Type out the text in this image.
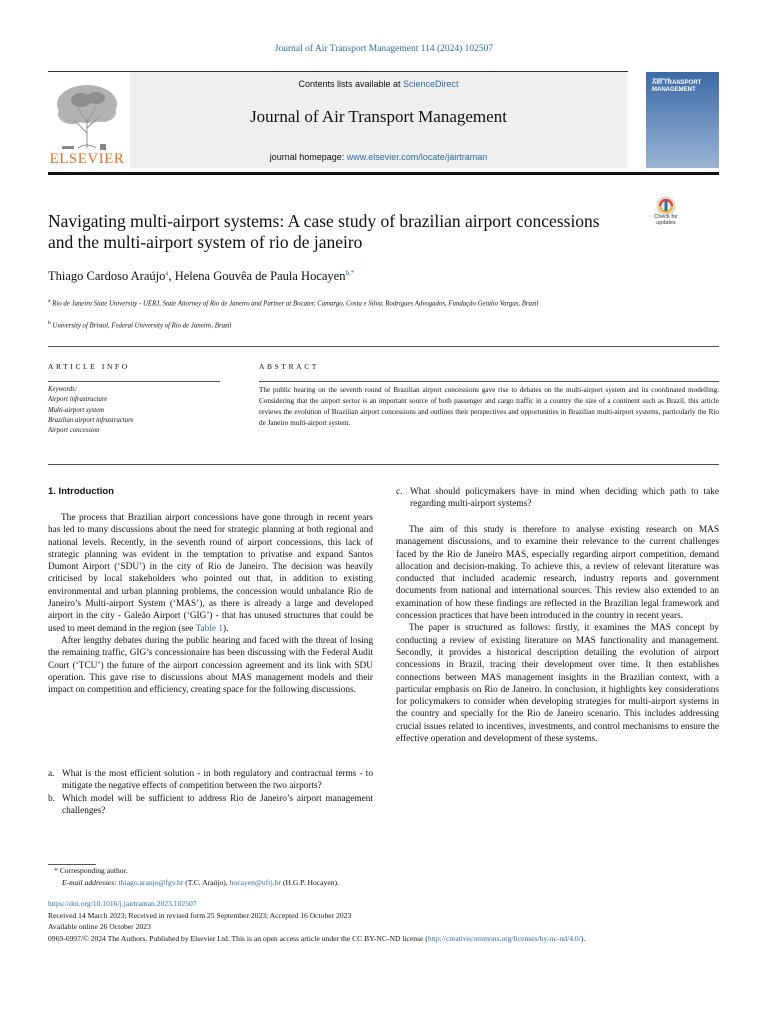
Journal of Air Transport Management 114 (2024) 102507
ELSEVIER
Contents lists available at ScienceDirect
Journal of Air Transport Management
journal homepage: www.elsevier.com/locate/jairtraman
Journal of
AIR TRANSPORT MANAGEMENT
Check for updates
Navigating multi-airport systems: A case study of brazilian airport concessions and the multi-airport system of rio de janeiro
Thiago Cardoso Araújo$^a$, Helena Gouvêa de Paula Hocayen$^{b,*}$
$^a$ Rio de Janeiro State University - UERJ, State Attorney of Rio de Janeiro and Partner at Bocater, Camargo, Costa e Silva, Rodrigues Advogados, Fundação Getúlio Vargas, Brazil
$^b$ University of Bristol, Federal University of Rio de Janeiro, Brazil
ARTICLE INFO	ABSTRACT
Keywords:
Airport infrastructure
Multi-airport system
Brazilian airport infrastructure
Airport concession
The public hearing on the seventh round of Brazilian airport concessions gave rise to debates on the multi-airport system and its coordinated modelling. Considering that the airport sector is an important source of both passenger and cargo traffic in a country the size of a continent such as Brazil, this article reviews the evolution of Brazilian airport concessions and outlines their perspectives and opportunities in Brazilian multi-airport systems, particularly the Rio de Janeiro multi-airport system.
1. Introduction

The process that Brazilian airport concessions have gone through in recent years has led to many discussions about the need for strategic planning at both regional and national levels. Recently, in the seventh round of airport concessions, this lack of strategic planning was evident in the temptation to privatise and expand Santos Dumont Airport (‘SDU’) in the city of Rio de Janeiro. The decision was heavily criticised by local stakeholders who pointed out that, in addition to existing environmental and urban planning problems, the concession would unbalance Rio de Janeiro’s Multi-airport System (‘MAS’), as there is already a large and developed airport in the city - Galeão Airport (‘GIG’) - that has unused structures that could be used to meet demand in the region (see Table 1).

After lengthy debates during the public hearing and faced with the threat of losing the remaining traffic, GIG’s concessionaire has been discussing with the Federal Audit Court (‘TCU’) the future of the airport concession agreement and its link with SDU operation. This gave rise to discussions about MAS management models and their impact on competition and efficiency, creating space for the following discussions.

a. What is the most efficient solution - in both regulatory and contractual terms - to mitigate the negative effects of competition between the two airports?
b. Which model will be sufficient to address Rio de Janeiro’s airport management challenges?
c. What should policymakers have in mind when deciding which path to take regarding multi-airport systems?

The aim of this study is therefore to analyse existing research on MAS management discussions, and to examine their relevance to the current challenges faced by the Rio de Janeiro MAS, especially regarding airport competition, demand allocation and decision-making. To achieve this, a review of relevant literature was conducted that included academic research, industry reports and government documents from national and international sources. This review also extended to an examination of how these findings are reflected in the Brazilian legal framework and concession practices that have been introduced in the country in recent years.

The paper is structured as follows: firstly, it examines the MAS concept by conducting a review of existing literature on MAS functionality and management. Secondly, it provides a historical description detailing the evolution of airport concessions in Brazil, tracing their development over time. It then establishes connections between MAS management insights in the Brazilian context, with a particular emphasis on Rio de Janeiro. In conclusion, it highlights key considerations for policymakers to consider when developing strategies for multi-airport systems in the country and specially for the Rio de Janeiro scenario. This includes addressing crucial issues related to incentives, investments, and control mechanisms to ensure the effective operation and development of these systems.

* Corresponding author.
E-mail addresses: thiago.araujo@fgv.br (T.C. Araújo), hocayen@ufrj.br (H.G.P. Hocayen).
https://doi.org/10.1016/j.jairtraman.2023.102507
Received 14 March 2023; Received in revised form 25 September 2023; Accepted 16 October 2023
Available online 26 October 2023
0969-6997/© 2024 The Authors. Published by Elsevier Ltd. This is an open access article under the CC BY-NC-ND license (http://creativecommons.org/licenses/by-nc-nd/4.0/).
